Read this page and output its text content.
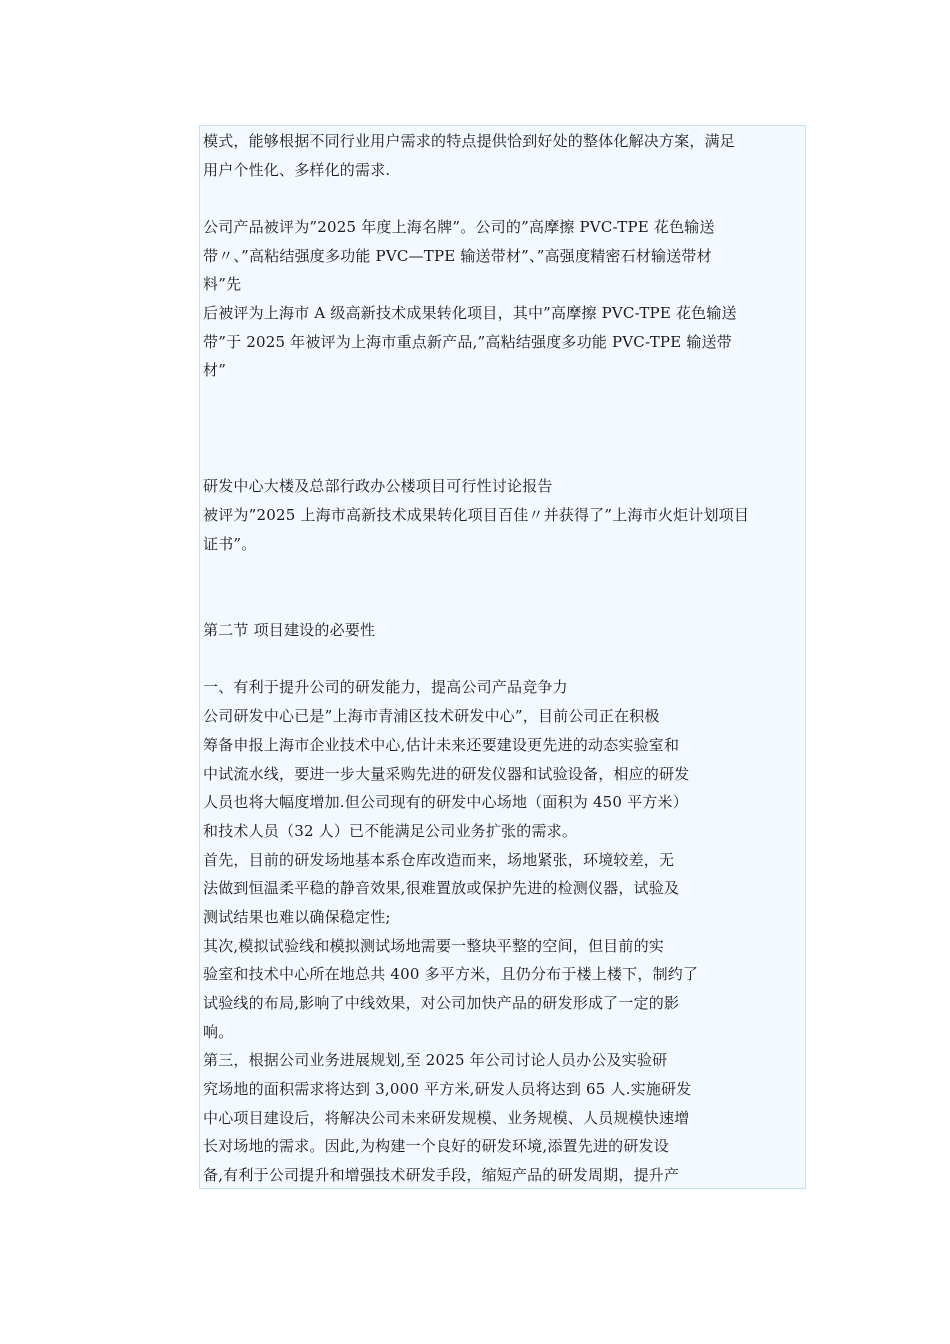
模式，能够根据不同行业用户需求的特点提供恰到好处的整体化解决方案，满足
用户个性化、多样化的需求.
公司产品被评为”2025 年度上海名牌”。公司的”高摩擦 PVC-TPE 花色输送
带〃、”高粘结强度多功能 PVC—TPE 输送带材”、”高强度精密石材输送带材
料”先
后被评为上海市 A 级高新技术成果转化项目，其中”高摩擦 PVC-TPE 花色输送
带”于 2025 年被评为上海市重点新产品,”高粘结强度多功能 PVC-TPE 输送带
材”
研发中心大楼及总部行政办公楼项目可行性讨论报告
被评为”2025 上海市高新技术成果转化项目百佳〃并获得了”上海市火炬计划项目
证书”。
第二节 项目建设的必要性
一、有利于提升公司的研发能力，提高公司产品竞争力
公司研发中心已是”上海市青浦区技术研发中心”，目前公司正在积极
筹备申报上海市企业技术中心,估计未来还要建设更先进的动态实验室和
中试流水线，要进一步大量采购先进的研发仪器和试验设备，相应的研发
人员也将大幅度增加.但公司现有的研发中心场地（面积为 450 平方米）
和技术人员（32 人）已不能满足公司业务扩张的需求。
首先，目前的研发场地基本系仓库改造而来，场地紧张，环境较差，无
法做到恒温柔平稳的静音效果,很难置放或保护先进的检测仪器，试验及
测试结果也难以确保稳定性;
其次,模拟试验线和模拟测试场地需要一整块平整的空间，但目前的实
验室和技术中心所在地总共 400 多平方米，且仍分布于楼上楼下，制约了
试验线的布局,影响了中线效果，对公司加快产品的研发形成了一定的影
响。
第三，根据公司业务进展规划,至 2025 年公司讨论人员办公及实验研
究场地的面积需求将达到 3,000 平方米,研发人员将达到 65 人.实施研发
中心项目建设后，将解决公司未来研发规模、业务规模、人员规模快速增
长对场地的需求。因此,为构建一个良好的研发环境,添置先进的研发设
备,有利于公司提升和增强技术研发手段，缩短产品的研发周期，提升产
